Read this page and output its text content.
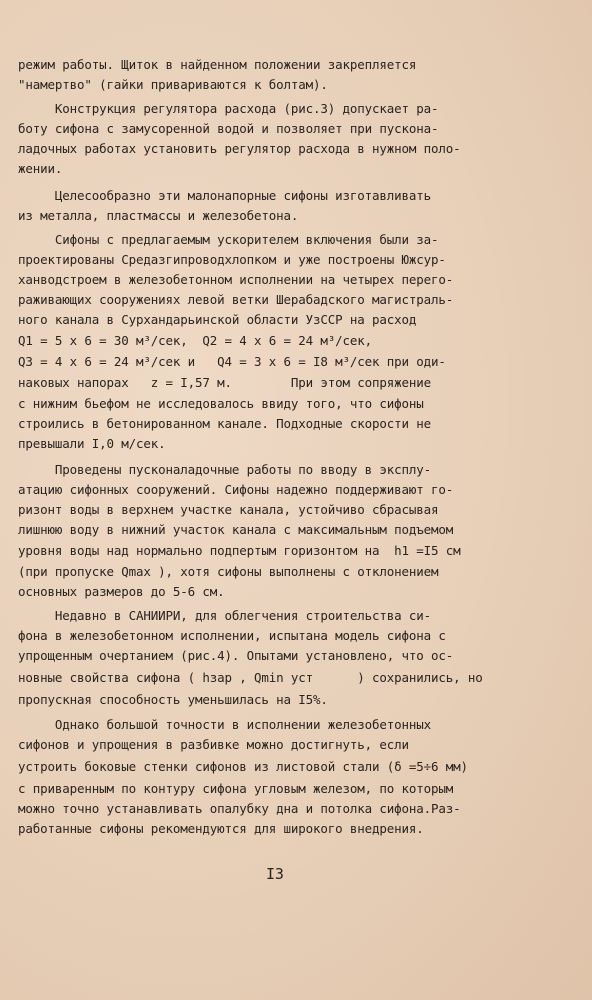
режим работы. Щиток в найденном положении закрепляется
"намертво" (гайки привариваются к болтам).
Конструкция регулятора расхода (рис.3) допускает ра-
боту сифона с замусоренной водой и позволяет при пускона-
ладочных работах установить регулятор расхода в нужном поло-
жении.
Целесообразно эти малонапорные сифоны изготавливать
из металла, пластмассы и железобетона.
Сифоны с предлагаемым ускорителем включения были за-
проектированы Средазгипроводхлопком и уже построены Южсур-
ханводстроем в железобетонном исполнении на четырех перего-
раживающих сооружениях левой ветки Шерабадского магистраль-
ного канала в Сурхандарьинской области УзССР на расход
Q1 = 5 x 6 = 30 м³/сек,  Q2 = 4 x 6 = 24 м³/сек,
Q3 = 4 x 6 = 24 м³/сек и   Q4 = 3 x 6 = I8 м³/сек при оди-
наковых напорах   z = I,57 м.        При этом сопряжение
с нижним бьефом не исследовалось ввиду того, что сифоны
строились в бетонированном канале. Подходные скорости не
превышали I,0 м/сек.
Проведены пусконаладочные работы по вводу в эксплу-
атацию сифонных сооружений. Сифоны надежно поддерживают го-
ризонт воды в верхнем участке канала, устойчиво сбрасывая
лишнюю воду в нижний участок канала с максимальным подъемом
уровня воды над нормально подпертым горизонтом на  h1 =I5 см
(при пропуске Qmax ), хотя сифоны выполнены с отклонением
основных размеров до 5-6 см.
Недавно в САНИИРИ, для облегчения строительства си-
фона в железобетонном исполнении, испытана модель сифона с
упрощенным очертанием (рис.4). Опытами установлено, что ос-
новные свойства сифона ( hзар , Qmin уст      ) сохранились, но
пропускная способность уменьшилась на I5%.
Однако большой точности в исполнении железобетонных
сифонов и упрощения в разбивке можно достигнуть, если
устроить боковые стенки сифонов из листовой стали (δ =5÷6 мм)
с приваренным по контуру сифона угловым железом, по которым
можно точно устанавливать опалубку дна и потолка сифона.Раз-
работанные сифоны рекомендуются для широкого внедрения.
I3
